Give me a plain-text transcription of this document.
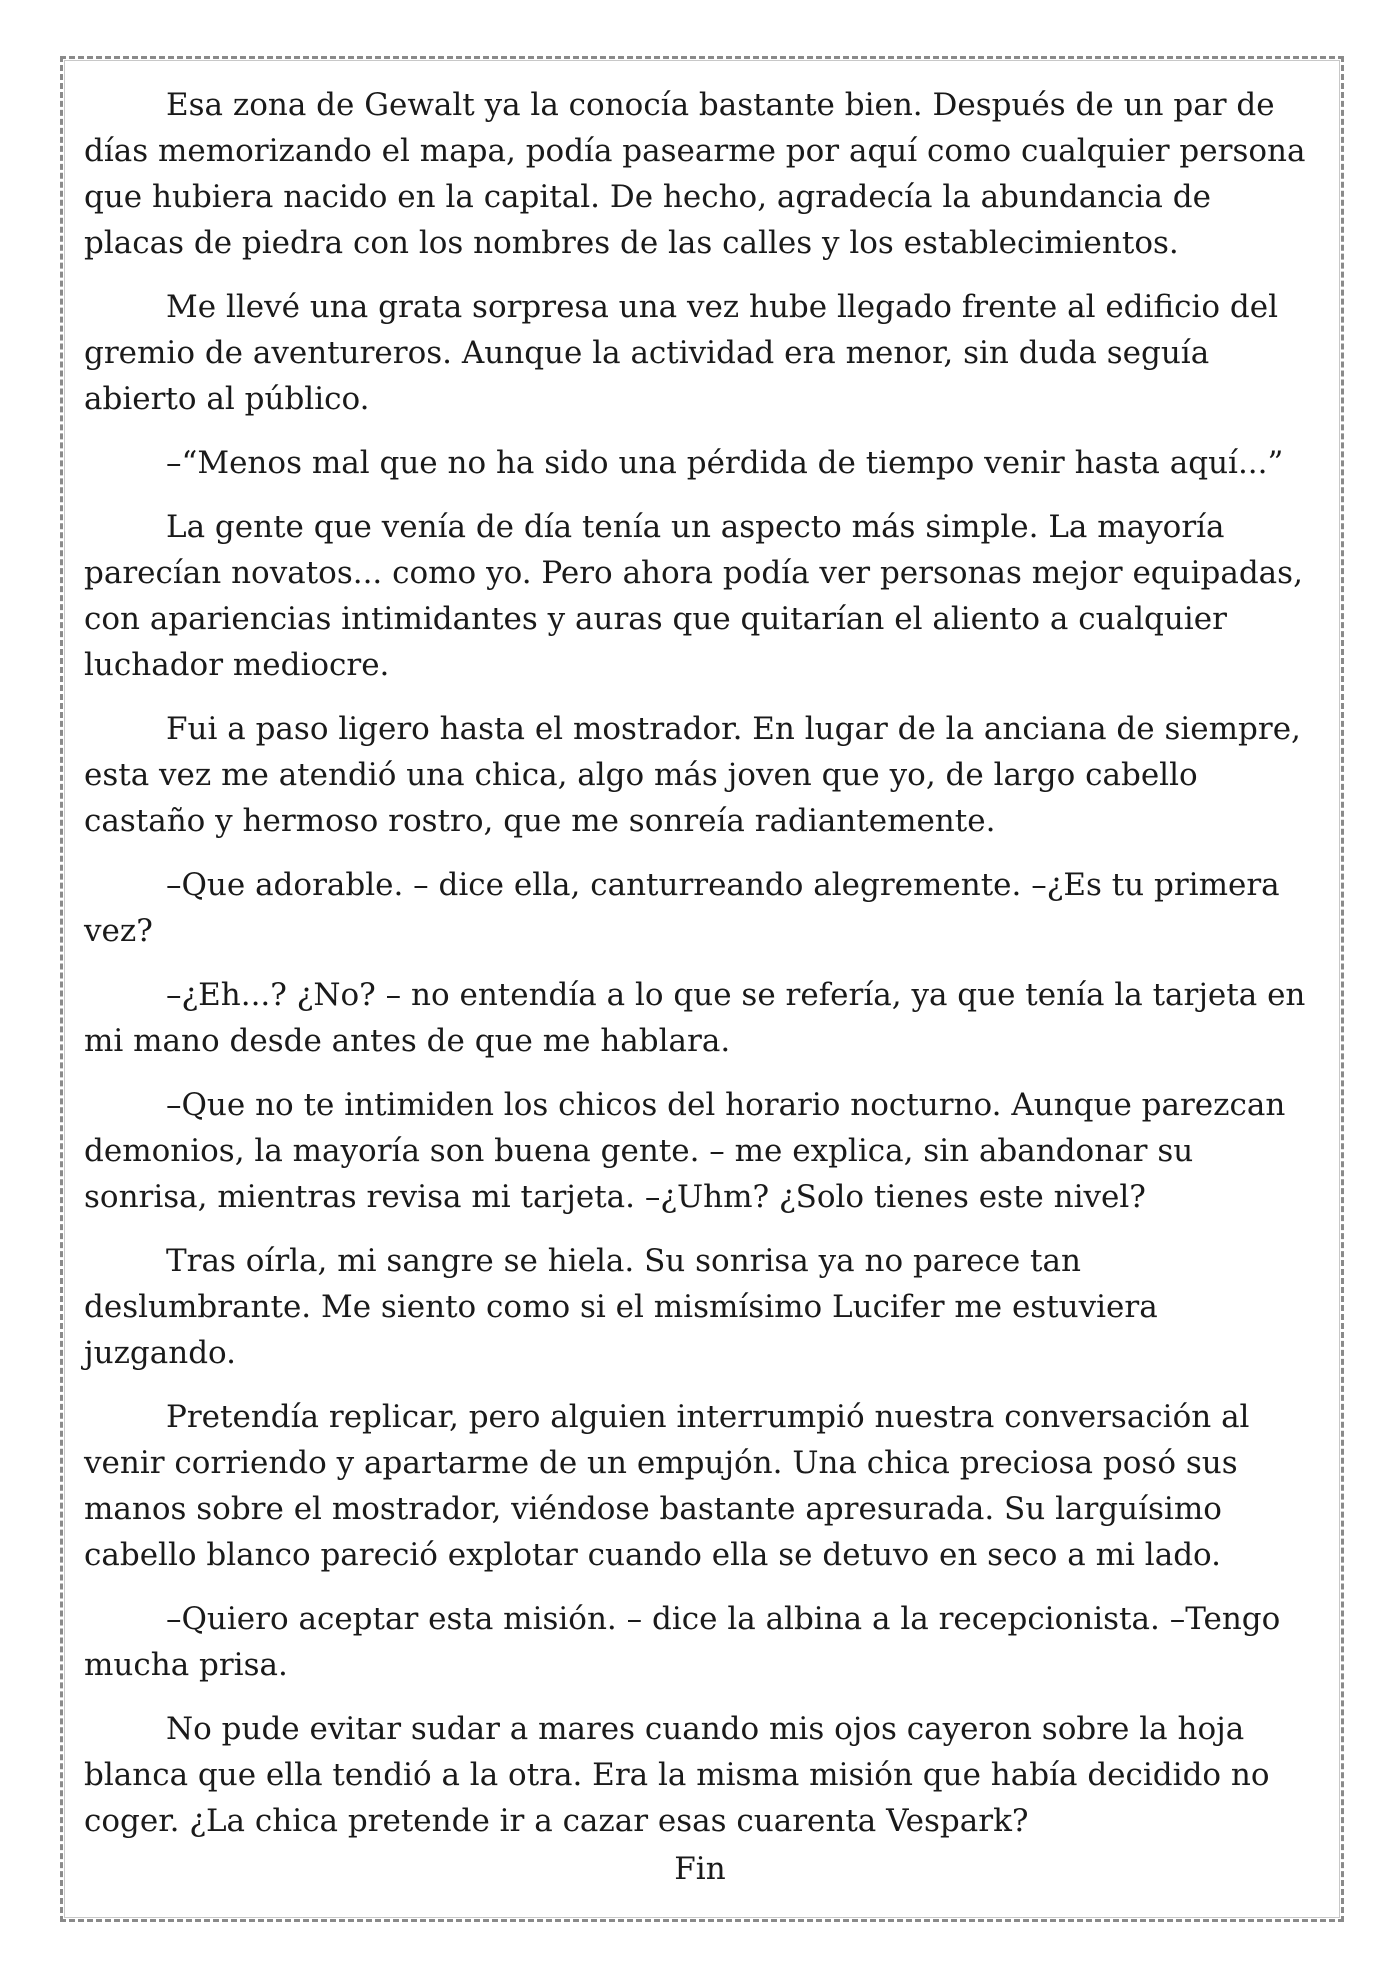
Esa zona de Gewalt ya la conocía bastante bien. Después de un par de días memorizando el mapa, podía pasearme por aquí como cualquier persona que hubiera nacido en la capital. De hecho, agradecía la abundancia de placas de piedra con los nombres de las calles y los establecimientos.

Me llevé una grata sorpresa una vez hube llegado frente al edificio del gremio de aventureros. Aunque la actividad era menor, sin duda seguía abierto al público.

–“Menos mal que no ha sido una pérdida de tiempo venir hasta aquí...”

La gente que venía de día tenía un aspecto más simple. La mayoría parecían novatos... como yo. Pero ahora podía ver personas mejor equipadas, con apariencias intimidantes y auras que quitarían el aliento a cualquier luchador mediocre.

Fui a paso ligero hasta el mostrador. En lugar de la anciana de siempre, esta vez me atendió una chica, algo más joven que yo, de largo cabello castaño y hermoso rostro, que me sonreía radiantemente.

–Que adorable. – dice ella, canturreando alegremente. –¿Es tu primera vez?

–¿Eh...? ¿No? – no entendía a lo que se refería, ya que tenía la tarjeta en mi mano desde antes de que me hablara.

–Que no te intimiden los chicos del horario nocturno. Aunque parezcan demonios, la mayoría son buena gente. – me explica, sin abandonar su sonrisa, mientras revisa mi tarjeta. –¿Uhm? ¿Solo tienes este nivel?

Tras oírla, mi sangre se hiela. Su sonrisa ya no parece tan deslumbrante. Me siento como si el mismísimo Lucifer me estuviera juzgando.

Pretendía replicar, pero alguien interrumpió nuestra conversación al venir corriendo y apartarme de un empujón. Una chica preciosa posó sus manos sobre el mostrador, viéndose bastante apresurada. Su larguísimo cabello blanco pareció explotar cuando ella se detuvo en seco a mi lado.

–Quiero aceptar esta misión. – dice la albina a la recepcionista. –Tengo mucha prisa.

No pude evitar sudar a mares cuando mis ojos cayeron sobre la hoja blanca que ella tendió a la otra. Era la misma misión que había decidido no coger. ¿La chica pretende ir a cazar esas cuarenta Vespark?

Fin
